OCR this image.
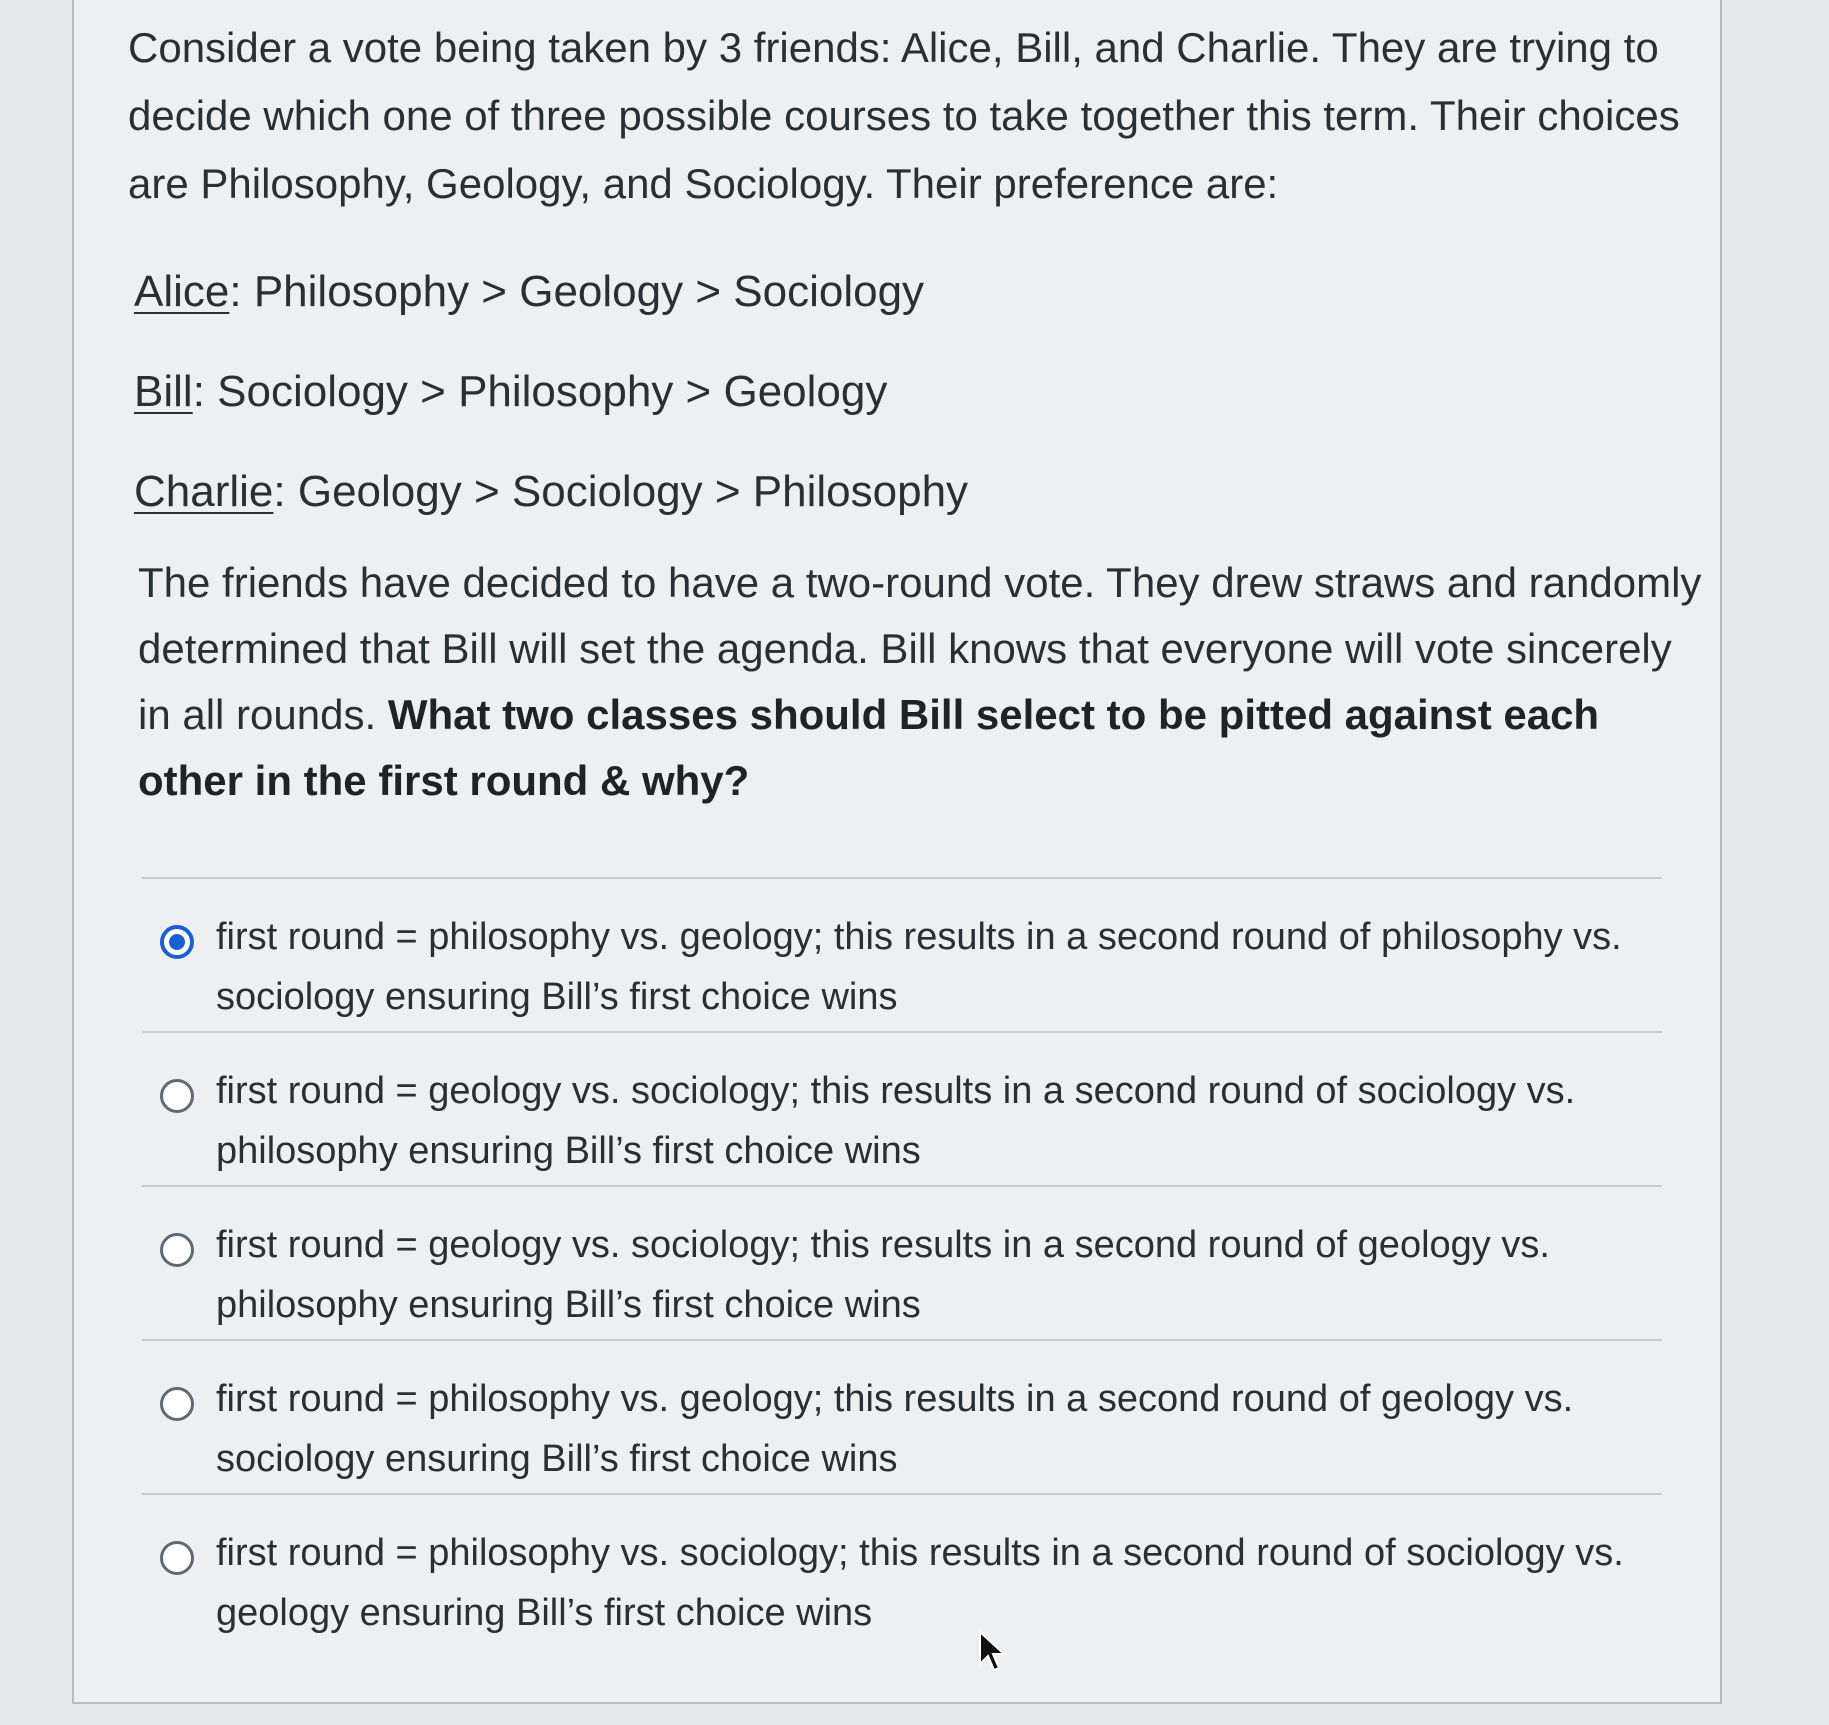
Consider a vote being taken by 3 friends: Alice, Bill, and Charlie. They are trying to decide which one of three possible courses to take together this term. Their choices are Philosophy, Geology, and Sociology. Their preference are:

Alice: Philosophy > Geology > Sociology
Bill: Sociology > Philosophy > Geology
Charlie: Geology > Sociology > Philosophy
The friends have decided to have a two-round vote. They drew straws and randomly determined that Bill will set the agenda. Bill knows that everyone will vote sincerely in all rounds. What two classes should Bill select to be pitted against each other in the first round & why?
first round = philosophy vs. geology; this results in a second round of philosophy vs. sociology ensuring Bill’s first choice wins
first round = geology vs. sociology; this results in a second round of sociology vs. philosophy ensuring Bill’s first choice wins
first round = geology vs. sociology; this results in a second round of geology vs. philosophy ensuring Bill’s first choice wins
first round = philosophy vs. geology; this results in a second round of geology vs. sociology ensuring Bill’s first choice wins
first round = philosophy vs. sociology; this results in a second round of sociology vs. geology ensuring Bill’s first choice wins
